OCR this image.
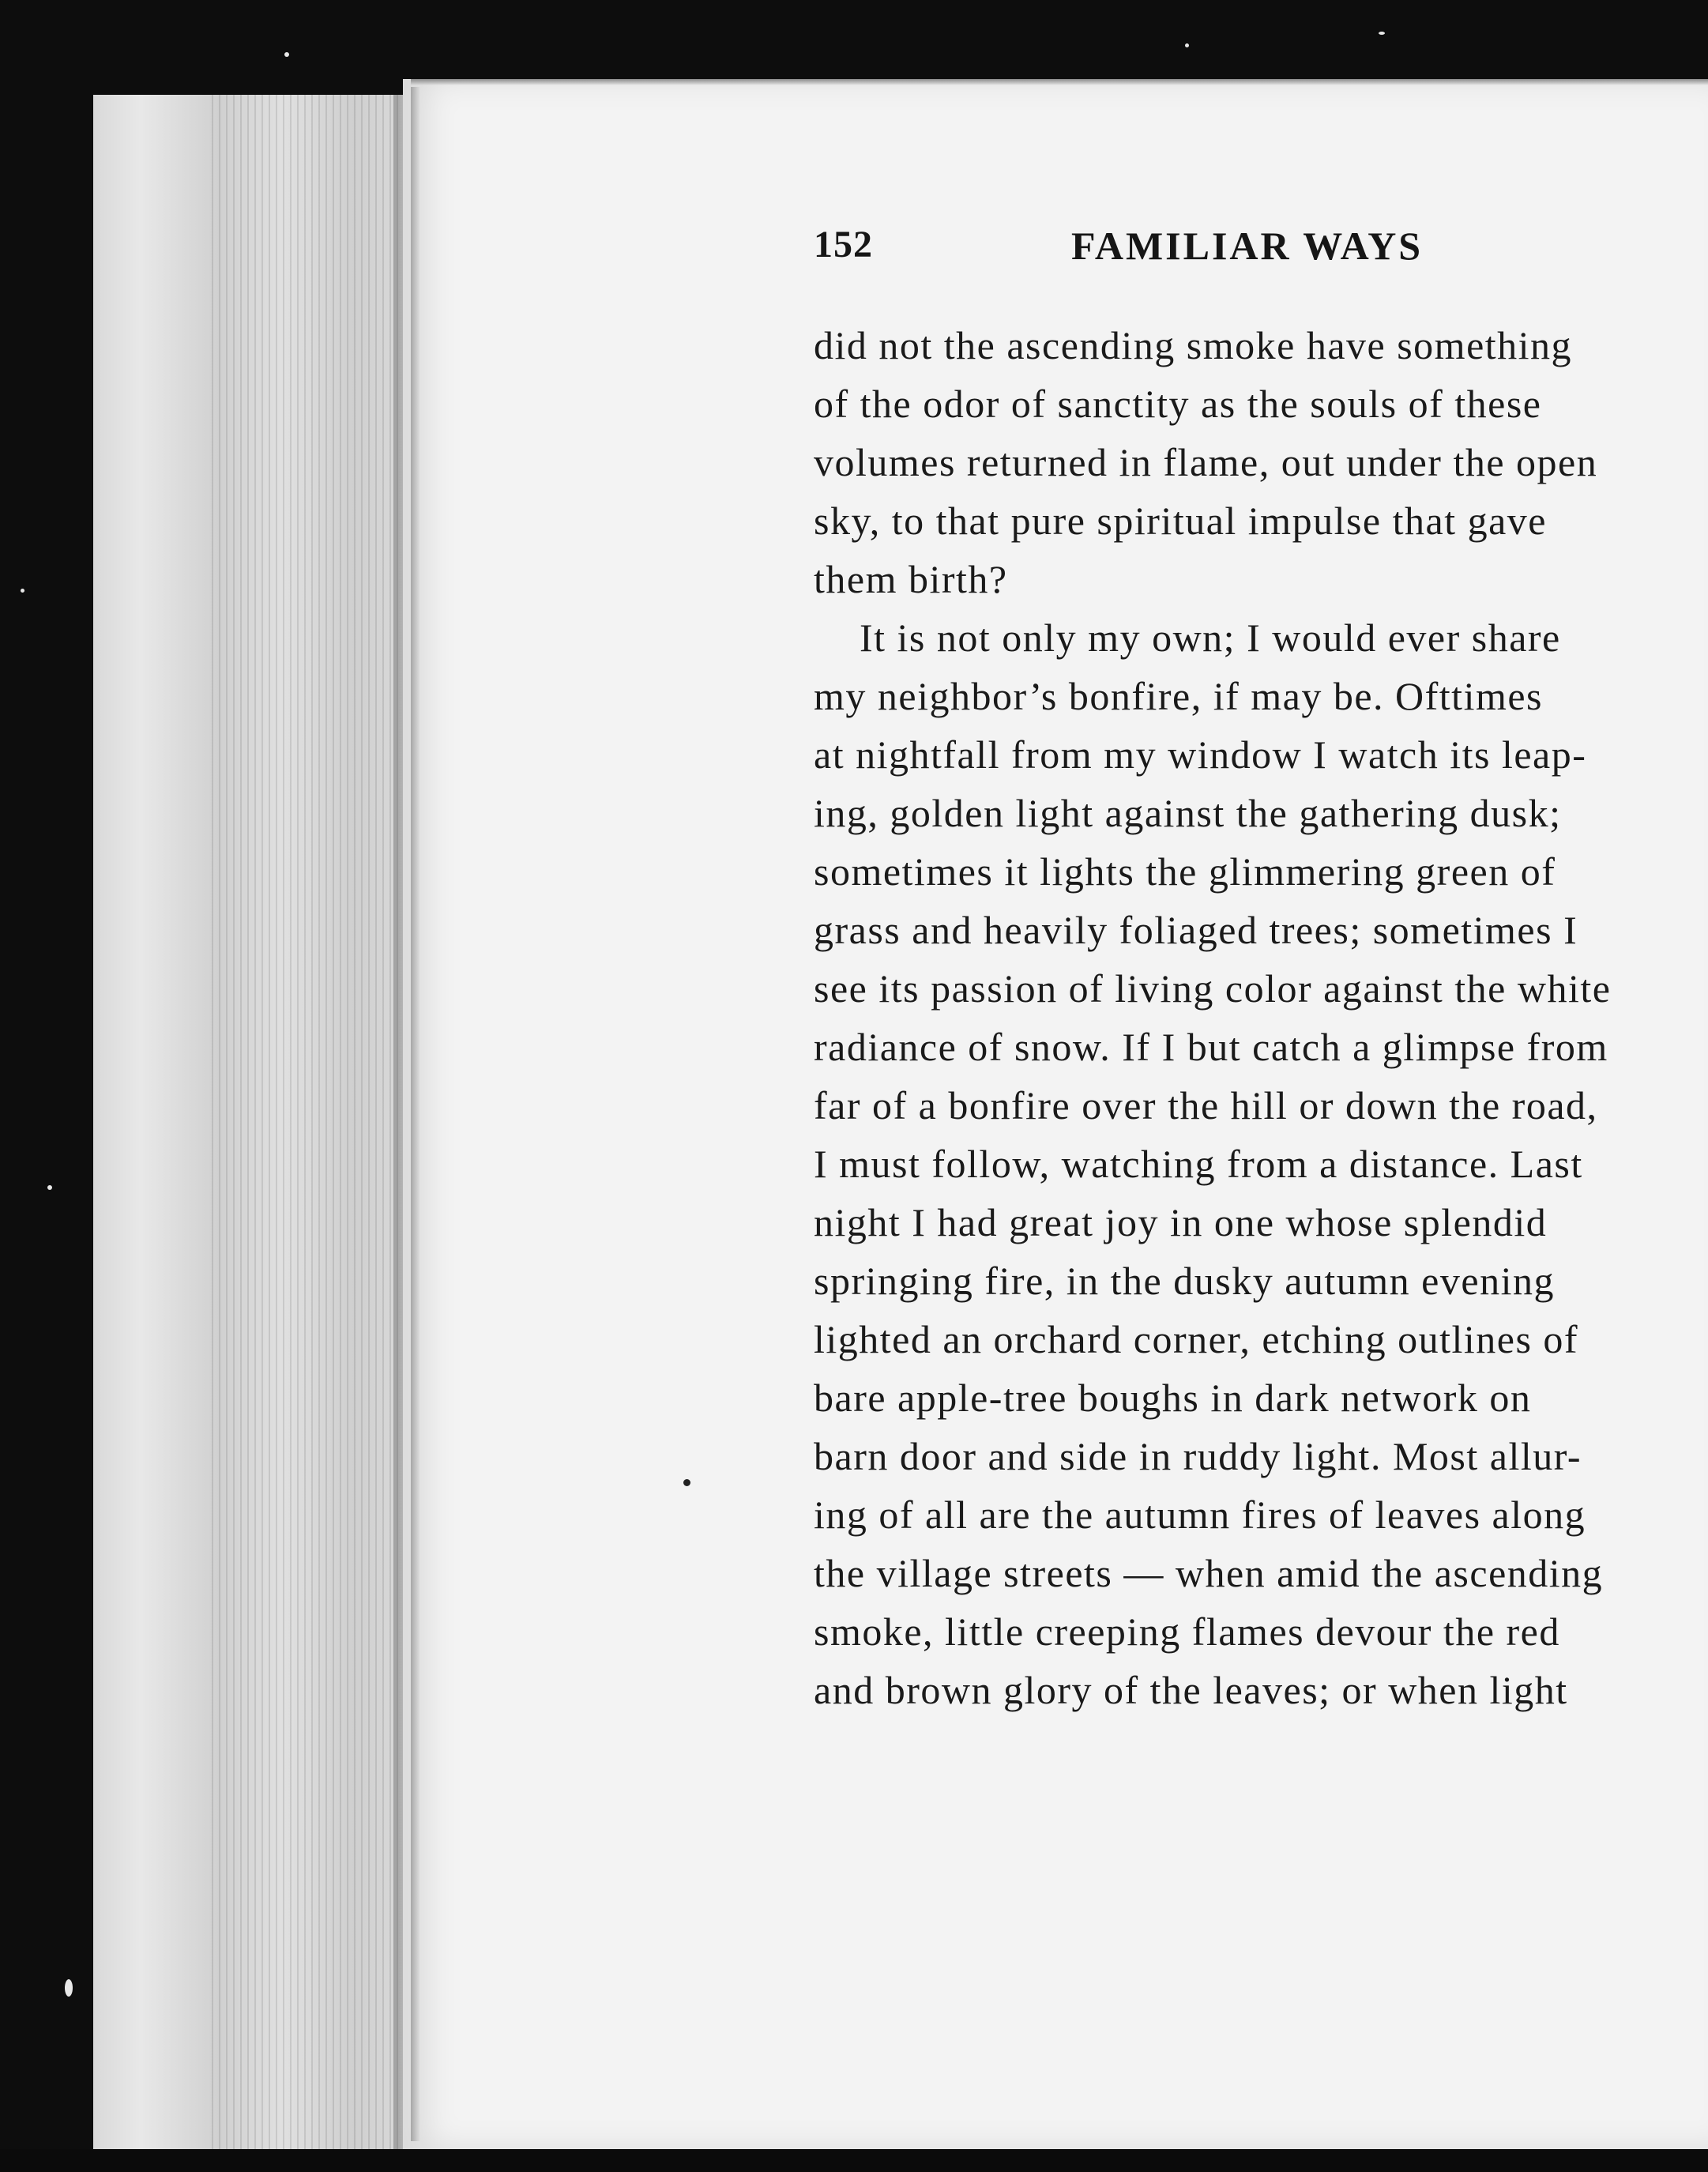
152	FAMILIAR WAYS
did not the ascending smoke have something
of the odor of sanctity as the souls of these
volumes returned in flame, out under the open
sky, to that pure spiritual impulse that gave
them birth?
It is not only my own; I would ever share
my neighbor’s bonfire, if may be. Ofttimes
at nightfall from my window I watch its leap-
ing, golden light against the gathering dusk;
sometimes it lights the glimmering green of
grass and heavily foliaged trees; sometimes I
see its passion of living color against the white
radiance of snow. If I but catch a glimpse from
far of a bonfire over the hill or down the road,
I must follow, watching from a distance. Last
night I had great joy in one whose splendid
springing fire, in the dusky autumn evening
lighted an orchard corner, etching outlines of
bare apple-tree boughs in dark network on
barn door and side in ruddy light. Most allur-
ing of all are the autumn fires of leaves along
the village streets — when amid the ascending
smoke, little creeping flames devour the red
and brown glory of the leaves; or when light
